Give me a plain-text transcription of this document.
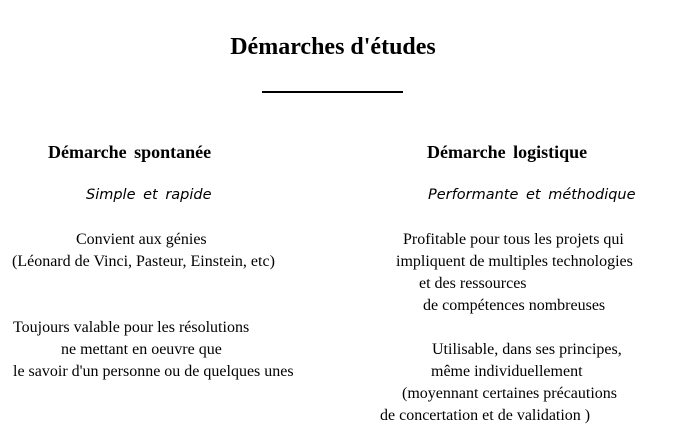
Démarches d'études
Démarche spontanée
Simple et rapide
Convient aux génies
(Léonard de Vinci, Pasteur, Einstein, etc)
Toujours valable pour les résolutions
ne mettant en oeuvre que
le savoir d'un personne ou de quelques unes
Démarche logistique
Performante et méthodique
Profitable pour tous les projets qui
impliquent de multiples technologies
et des ressources
de compétences nombreuses
Utilisable, dans ses principes,
même individuellement
(moyennant certaines précautions
de concertation et de validation )
